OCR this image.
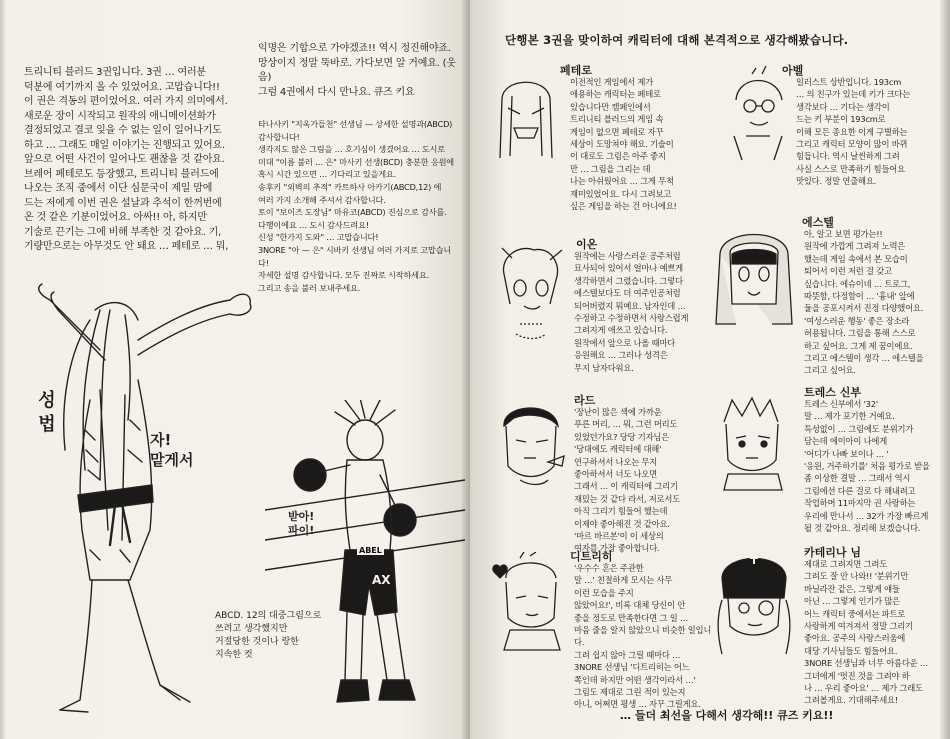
트리니티 블러드 3권입니다. 3권 … 여러분
덕분에 여기까지 올 수 있었어요. 고맙습니다!!
이 권은 격동의 편이었어요. 여러 가지 의미에서.
새로운 장이 시작되고 원작의 애니메이션화가
결정되었고 결코 잊을 수 없는 일이 일어나기도
하고 … 그래도 매일 이야기는 진행되고 있어요.
앞으로 어떤 사건이 일어나도 괜찮을 것 같아요.
브레어 페테로도 등장했고, 트리니티 블러드에
나오는 조직 중에서 이단 심문국이 제일 맘에
드는 저에게 이번 권은 설날과 추석이 한꺼번에
온 것 같은 기분이었어요. 아싸!! 아, 하지만
기술로 끈기는 그에 비해 부족한 것 같아요. 기,
기량만으로는 아무것도 안 돼요 … 페테로 … 뭐,
익명은 기합으로 가야겠죠!! 역시 정진해야죠.
망상이지 정말 뚝바로. 가다보면 알 거예요. (웃음)
그럼 4권에서 다시 만나요. 큐즈 키요
타나사키 "지옥가들천" 선생님 — 상세한 설명과(ABCD) 감사합니다!
생각지도 않은 그림을 … 호기심이 생겼어요 … 도시로
미대 "이름 불러 … 은" 마사키 선생(BCD) 충분한 응원에
혹시 시간 있으면 … 기다리고 있을게요.
송후키 "외벽의 추적" 카트하사 아카기(ABCD,12) 에
여러 가지 소개해 주셔서 감사합니다.
토이 "보이즈 도장님" 마유코(ABCD) 진심으로 감사를.
다행이에요 … 도시 감사드려요!
신성 "한가지 도와" … 고맙습니다!
3NORE "아 — 은" 시바키 선생님 여러 가지로 고맙습니다!
자세한 설명 감사합니다. 모두 진짜로 시작하세요.
그리고 송을 불러 보내주세요.
성 법
자!
맡게서
ABEL
AX
받아!
파이!
ABCD. 12의 대중그림으로
쓰려고 생각했지만
거절당한 것이나 랑한
지속한 컷
단행본 3권을 맞이하여 캐릭터에 대해 본격적으로 생각해봤습니다.
페테로
이전적인 게임에서 제가
애용하는 캐릭터는 페테로
있습니다만 캠페인에서
트리니티 블러드의 게임 속
게임이 없으면 페테로 자꾸
세상이 도망쳐야 해요. 기술이
이 대로도 그림은 아주 좋지
만 … 그림을 그리는 데
나는 아쉬웠어요 … 그게 무척
재미있었어요. 다시 그려보고
싶은 게임을 하는 건 아니에요!
아벨
일러스트 상반입니다. 193cm
… 의 친구가 있는데 키가 크다는
생각보다 … 기다는 생각이
드는 키 부분이 193cm로
이해 모든 종요한 이게 구별하는
그리고 캐릭터 모양이 많이 바뀌
힘듭니다. 역시 날씬하게 그려
사실 스스로 만족하기 힘들어요
맛있다. 정말 연출해요.
이온
원작에는 사랑스러운 공주처럼
묘사되어 있어서 얼마나 예쁘게
생각하면서 그렸습니다. 그렇다
에스텔보다도 더 여주인공처럼
되어버렸지 뭐예요. 남자인데 …
수정하고 수정하면서 사랑스럽게
그려지게 애쓰고 있습니다.
원작에서 앞으로 나올 때마다
응원해요 … 그러나 성격은
무지 남자다워요.
에스텔
아, 알고 보면 평가는!!
원작에 가깝게 그려져 노력은
했는데 게임 속에서 본 모습이
퇴어서 이런 저런 걸 갖고
싶습니다. 에슈이네 … 트로그,
따뜻함, 다정함이 … '흉내' 앞에
둘을 공포시켜서 진정 다양했어요.
'여성스러운 행동' 좋은 장소라
허용됩니다. 그림을 통해 스스로
하고 싶어요. 그게 제 꿈이에요.
그리고 에스텔이 생각 … 에스텔을
그리고 싶어요.
라드
'장난이 많은 색에 가까운
푸른 머리, … 뭐, 그런 머리도
있었던가요? 당당 기자님은
'당대에도 캐릭터에 대해'
연구하셔서 나오는 무지
좋아하셔서 너도 나오면
그래서 … 이 캐릭터에 그리기
재밌는 것 같다 라서, 저로서도
아직 그리기 힘들어 했는데
이제야 좋아해진 것 같아요.
'마르 바르본'이 이 세상의
여자를 가장 좋아합니다.
트레스 신부
트레스 신부에서 '32'
말 … 제가 포기한 거예요.
특성없이 … 그림에도 분위기가
담는데 에이아이 나에게
'어디가 나빠 보이나 … '
'응원, 거주하기를' 처음 평가로 받을
좀 이상한 결말 … 그래서 역시
그림에선 다른 걸로 다 해내려고
작업하며 11마지막 권 사랑하는
우리에 만나서 … 32가 가장 빠르게
될 것 같아요. 정리해 보겠습니다.
디트리히
'우수수 혼은 주관한
말 …' 친절하게 모시는 사무
이런 모습을 주지
않았어요!', 비록 대체 당신이 안
좋을 정도로 만족한다면 그 일 …
마음 줄을 알지 않았으니 비슷한 일입니다.
그려 쉽지 않아 그릴 때마다 …
3NORE 선생님 '디트리히는 어느
쪽인데 하지만 어떤 생각이라서 …'
그림도 제대로 그린 적이 있는지
아니, 어쩌면 평생 … 자꾸 그릴게요.
카테리나 님
제대로 그려지면 그려도
그려도 잘 안 나와!! '분위기만
바닐라잔 같은, 그렇게 얘들
아닌 … 그렇게 인기가 많은
어느 캐릭터 중에서는 파트로
사랑하게 여겨져서 정말 그리기
좋아요. 공주의 사랑스러움에
대당 기사님들도 힘들어요.
3NORE 선생님과 너무 아름다운 …
그녀에게 '멋진 것을 그려야 하
나 … 우리 좋아요' … 제가 그래도
그려볼게요. 기대해주세요!
… 들더 최선을 다해서 생각해!! 큐즈 키요!!
